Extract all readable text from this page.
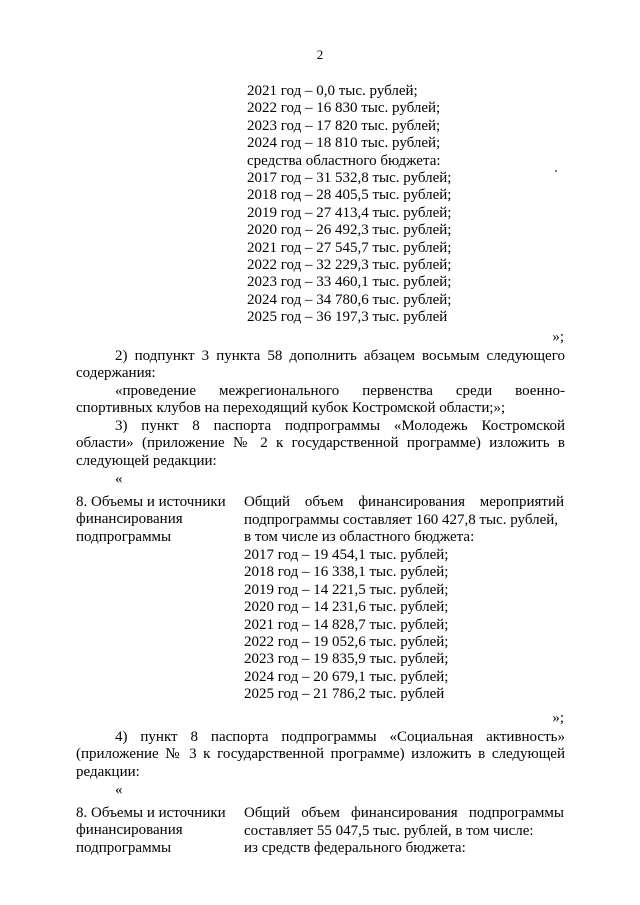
2
2021 год – 0,0 тыс. рублей;
2022 год – 16 830 тыс. рублей;
2023 год – 17 820 тыс. рублей;
2024 год – 18 810 тыс. рублей;
средства областного бюджета:
2017 год – 31 532,8 тыс. рублей;
2018 год – 28 405,5 тыс. рублей;
2019 год – 27 413,4 тыс. рублей;
2020 год – 26 492,3 тыс. рублей;
2021 год – 27 545,7 тыс. рублей;
2022 год – 32 229,3 тыс. рублей;
2023 год – 33 460,1 тыс. рублей;
2024 год – 34 780,6 тыс. рублей;
2025 год – 36 197,3 тыс. рублей
»;
2) подпункт 3 пункта 58 дополнить абзацем восьмым следующего
содержания:
«проведение межрегионального первенства среди военно-
спортивных клубов на переходящий кубок Костромской области;»;
3) пункт 8 паспорта подпрограммы «Молодежь Костромской
области» (приложение № 2 к государственной программе) изложить в
следующей редакции:
«
8. Объемы и источники
финансирования
подпрограммы
Общий объем финансирования мероприятий
подпрограммы составляет 160 427,8 тыс. рублей,
в том числе из областного бюджета:
2017 год – 19 454,1 тыс. рублей;
2018 год – 16 338,1 тыс. рублей;
2019 год – 14 221,5 тыс. рублей;
2020 год – 14 231,6 тыс. рублей;
2021 год – 14 828,7 тыс. рублей;
2022 год – 19 052,6 тыс. рублей;
2023 год – 19 835,9 тыс. рублей;
2024 год – 20 679,1 тыс. рублей;
2025 год – 21 786,2 тыс. рублей
»;
4) пункт 8 паспорта подпрограммы «Социальная активность»
(приложение № 3 к государственной программе) изложить в следующей
редакции:
«
8. Объемы и источники
финансирования
подпрограммы
Общий объем финансирования подпрограммы
составляет 55 047,5 тыс. рублей, в том числе:
из средств федерального бюджета:
